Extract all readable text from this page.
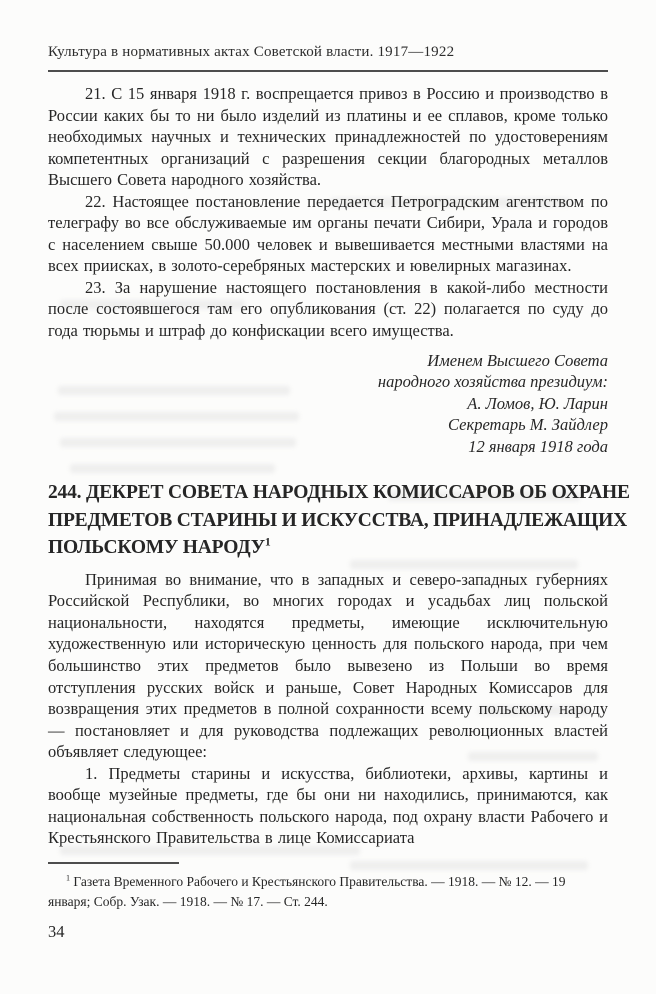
Культура в нормативных актах Советской власти. 1917—1922

21. С 15 января 1918 г. воспрещается привоз в Россию и производство в России каких бы то ни было изделий из платины и ее сплавов, кроме только необходимых научных и технических принадлежностей по удостоверениям компетентных организаций с разрешения секции благородных металлов Высшего Совета народного хозяйства.

22. Настоящее постановление передается Петроградским агентством по телеграфу во все обслуживаемые им органы печати Сибири, Урала и городов с населением свыше 50.000 человек и вывешивается местными властями на всех приисках, в золото-серебряных мастерских и ювелирных магазинах.

23. За нарушение настоящего постановления в какой-либо местности после состоявшегося там его опубликования (ст. 22) полагается по суду до года тюрьмы и штраф до конфискации всего имущества.

Именем Высшего Совета
народного хозяйства президиум:
А. Ломов, Ю. Ларин
Секретарь М. Зайдлер
12 января 1918 года
244. ДЕКРЕТ СОВЕТА НАРОДНЫХ КОМИССАРОВ ОБ ОХРАНЕ
ПРЕДМЕТОВ СТАРИНЫ И ИСКУССТВА, ПРИНАДЛЕЖАЩИХ
ПОЛЬСКОМУ НАРОДУ$^1$

Принимая во внимание, что в западных и северо-западных губерниях Российской Республики, во многих городах и усадьбах лиц польской национальности, находятся предметы, имеющие исключительную художественную или историческую ценность для польского народа, при чем большинство этих предметов было вывезено из Польши во время отступления русских войск и раньше, Совет Народных Комиссаров для возвращения этих предметов в полной сохранности всему польскому народу — постановляет и для руководства подлежащих революционных властей объявляет следующее:

1. Предметы старины и искусства, библиотеки, архивы, картины и вообще музейные предметы, где бы они ни находились, принимаются, как национальная собственность польского народа, под охрану власти Рабочего и Крестьянского Правительства в лице Комиссариата

$^1$ Газета Временного Рабочего и Крестьянского Правительства. — 1918. — № 12. — 19 января; Собр. Узак. — 1918. — № 17. — Ст. 244.

34
